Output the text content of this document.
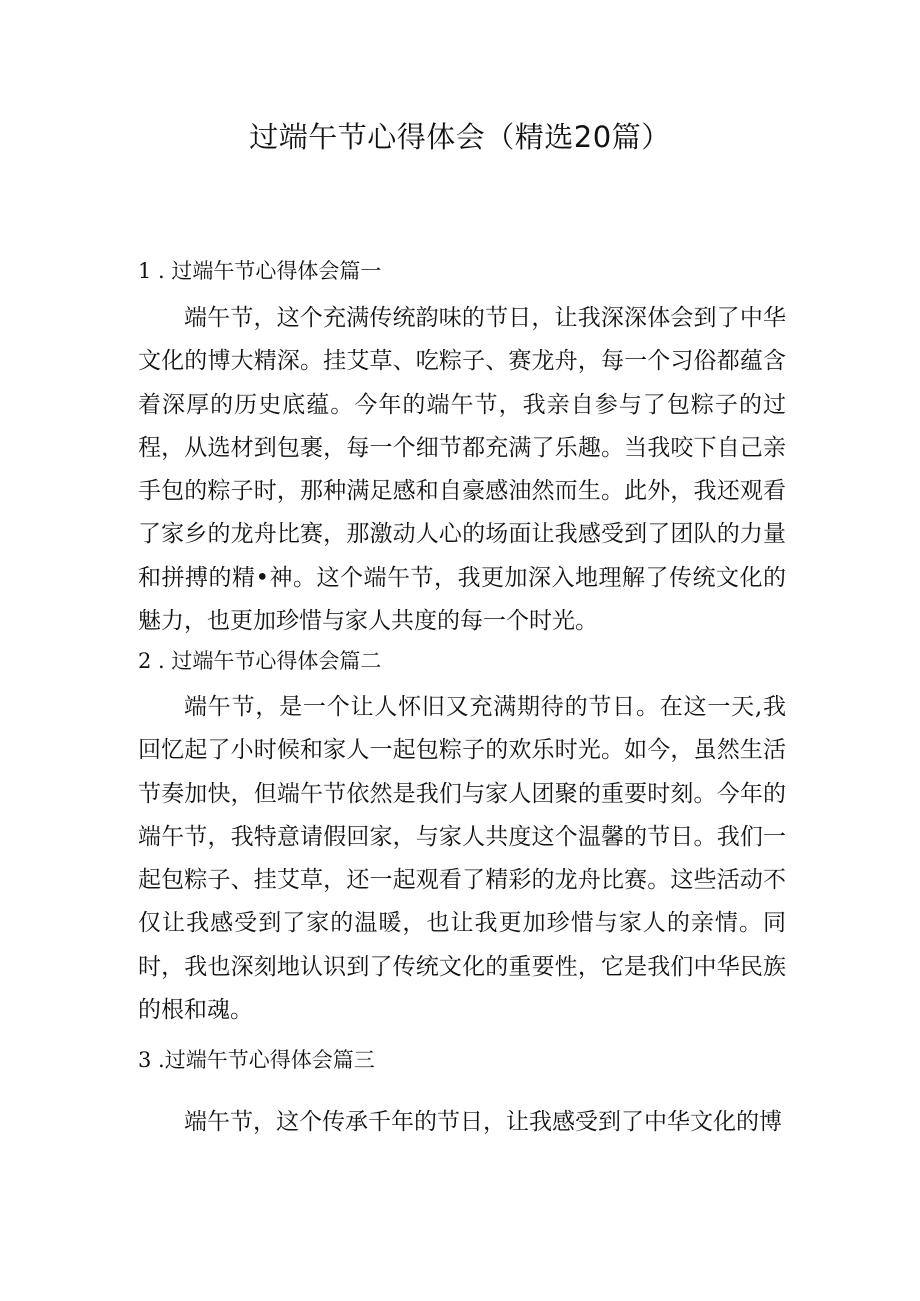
过端午节心得体会（精选20篇）
1 . 过端午节心得体会篇一

端午节，这个充满传统韵味的节日，让我深深体会到了中华文化的博大精深。挂艾草、吃粽子、赛龙舟，每一个习俗都蕴含着深厚的历史底蕴。今年的端午节，我亲自参与了包粽子的过程，从选材到包裹，每一个细节都充满了乐趣。当我咬下自己亲手包的粽子时，那种满足感和自豪感油然而生。此外，我还观看了家乡的龙舟比赛，那激动人心的场面让我感受到了团队的力量和拼搏的精•神。这个端午节，我更加深入地理解了传统文化的魅力，也更加珍惜与家人共度的每一个时光。

2 . 过端午节心得体会篇二

端午节，是一个让人怀旧又充满期待的节日。在这一天,我回忆起了小时候和家人一起包粽子的欢乐时光。如今，虽然生活节奏加快，但端午节依然是我们与家人团聚的重要时刻。今年的端午节，我特意请假回家，与家人共度这个温馨的节日。我们一起包粽子、挂艾草，还一起观看了精彩的龙舟比赛。这些活动不仅让我感受到了家的温暖，也让我更加珍惜与家人的亲情。同时，我也深刻地认识到了传统文化的重要性，它是我们中华民族的根和魂。

3 .过端午节心得体会篇三

端午节，这个传承千年的节日，让我感受到了中华文化的博
